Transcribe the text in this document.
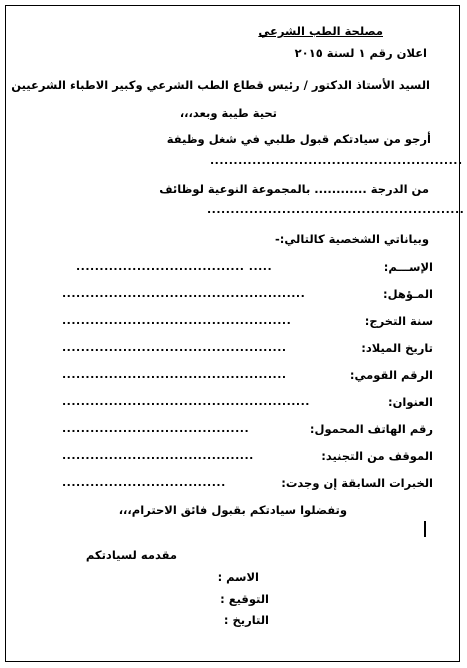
مصلحة الطب الشرعي
اعلان رقم ١ لسنة ٢٠١٥
السيد الأستاذ الدكتور / رئيس قطاع الطب الشرعي وكبير الاطباء الشرعيين
تحية طيبة وبعد،،،
أرجو من سيادتكم قبول طلبي في شغل وظيفة
......................................................
من الدرجة ............ بالمجموعة النوعية لوظائف
.......................................................
وبياناتي الشخصية كالتالي:-
الإســـم:
.................................... .....
المـؤهل:
....................................................
سنة التخرج:
.................................................
تاريخ الميلاد:
................................................
الرقم القومي:
................................................
العنوان:
.....................................................
رقم الهاتف المحمول:
........................................
الموقف من التجنيد:
.........................................
الخبرات السابقة إن وجدت:
...................................
وتفضلوا سيادتكم بقبول فائق الاحترام،،،
مقدمه لسيادتكم
الاسم :
التوقيع :
التاريخ :
